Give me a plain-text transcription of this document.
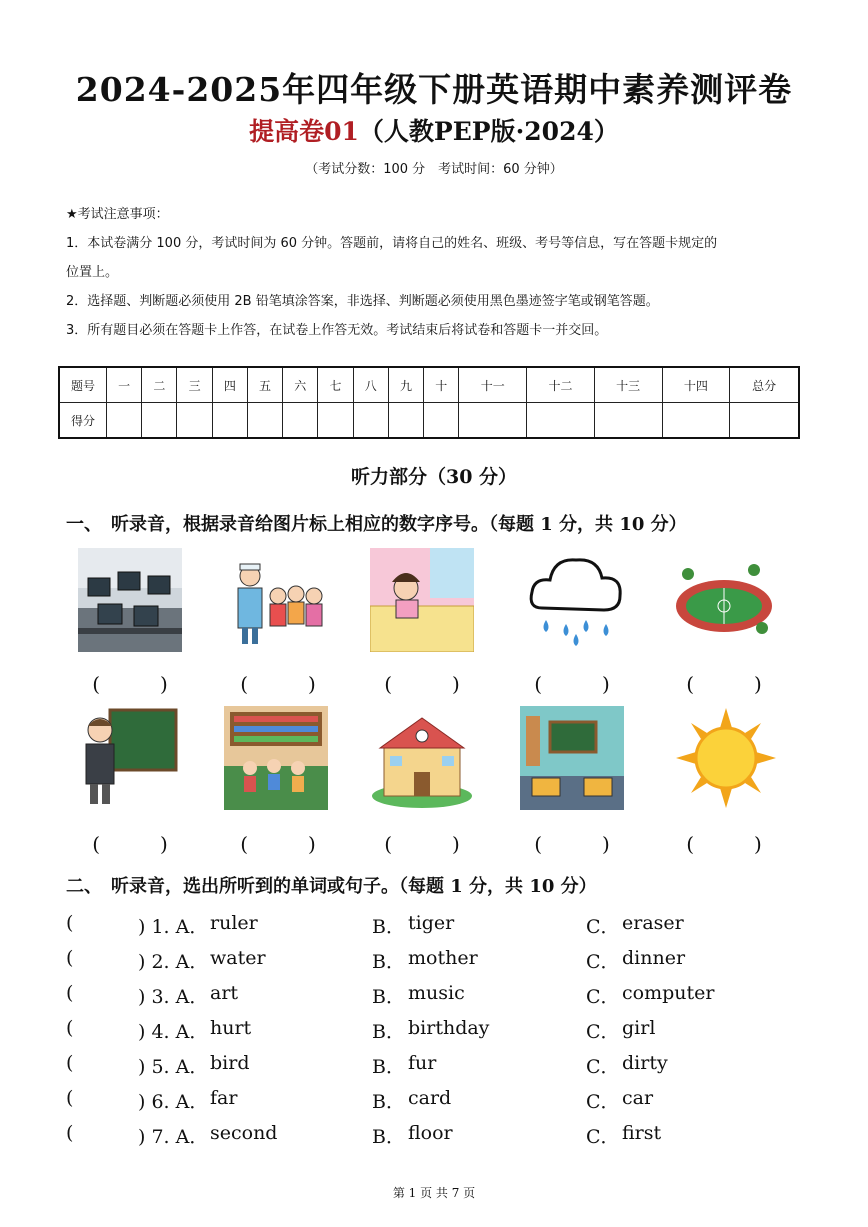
2024-2025年四年级下册英语期中素养测评卷
提高卷01（人教PEP版·2024）
（考试分数：100 分　考试时间：60 分钟）

★考试注意事项：

1．本试卷满分 100 分，考试时间为 60 分钟。答题前，请将自己的姓名、班级、考号等信息，写在答题卡规定的

位置上。

2．选择题、判断题必须使用 2B 铅笔填涂答案，非选择、判断题必须使用黑色墨迹签字笔或钢笔答题。

3．所有题目必须在答题卡上作答，在试卷上作答无效。考试结束后将试卷和答题卡一并交回。

题号	一	二	三	四	五	六	七	八	九	十	十一	十二	十三	十四	总分
得分															
听力部分（30 分）
一、　听录音，根据录音给图片标上相应的数字序号。（每题 1 分，共 10 分）
(　　　)	(　　　)	(　　　)	(　　　)	(　　　)
(　　　)	(　　　)	(　　　)	(　　　)	(　　　)
二、　听录音，选出所听到的单词或句子。（每题 1 分，共 10 分）
(	) 1. A． ruler	B． tiger	C． eraser
(	) 2. A． water	B． mother	C． dinner
(	) 3. A． art	B． music	C． computer
(	) 4. A． hurt	B． birthday	C． girl
(	) 5. A． bird	B． fur	C． dirty
(	) 6. A． far	B． card	C． car
(	) 7. A． second	B． floor	C． first
第 1 页 共 7 页
